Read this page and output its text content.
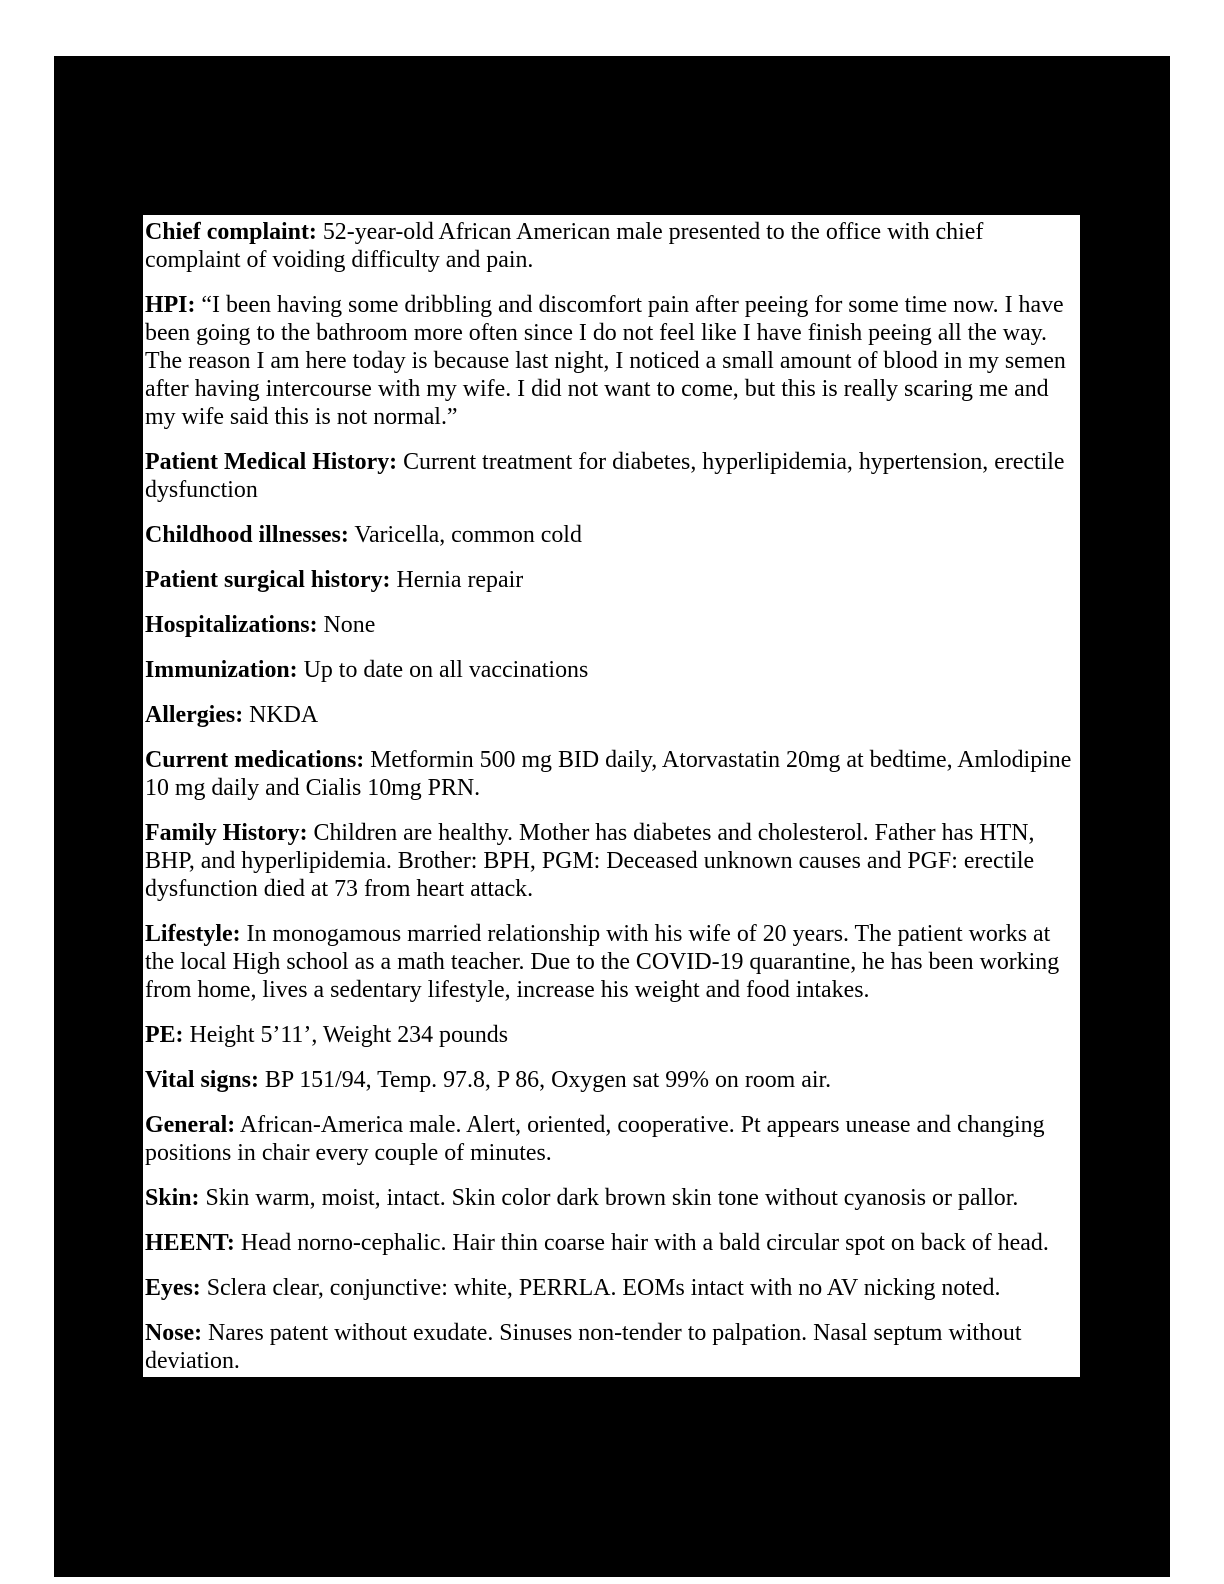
Chief complaint: 52-year-old African American male presented to the office with chief complaint of voiding difficulty and pain.

HPI: “I been having some dribbling and discomfort pain after peeing for some time now. I have been going to the bathroom more often since I do not feel like I have finish peeing all the way. The reason I am here today is because last night, I noticed a small amount of blood in my semen after having intercourse with my wife. I did not want to come, but this is really scaring me and my wife said this is not normal.”

Patient Medical History: Current treatment for diabetes, hyperlipidemia, hypertension, erectile dysfunction

Childhood illnesses: Varicella, common cold

Patient surgical history: Hernia repair

Hospitalizations: None

Immunization: Up to date on all vaccinations

Allergies: NKDA

Current medications: Metformin 500 mg BID daily, Atorvastatin 20mg at bedtime, Amlodipine 10 mg daily and Cialis 10mg PRN.

Family History: Children are healthy. Mother has diabetes and cholesterol. Father has HTN, BHP, and hyperlipidemia. Brother: BPH, PGM: Deceased unknown causes and PGF: erectile dysfunction died at 73 from heart attack.

Lifestyle: In monogamous married relationship with his wife of 20 years. The patient works at the local High school as a math teacher. Due to the COVID-19 quarantine, he has been working from home, lives a sedentary lifestyle, increase his weight and food intakes.

PE: Height 5’11’, Weight 234 pounds

Vital signs: BP 151/94, Temp. 97.8, P 86, Oxygen sat 99% on room air.

General: African-America male. Alert, oriented, cooperative. Pt appears unease and changing positions in chair every couple of minutes.

Skin: Skin warm, moist, intact. Skin color dark brown skin tone without cyanosis or pallor.

HEENT: Head norno-cephalic. Hair thin coarse hair with a bald circular spot on back of head.

Eyes: Sclera clear, conjunctive: white, PERRLA. EOMs intact with no AV nicking noted.

Nose: Nares patent without exudate. Sinuses non-tender to palpation. Nasal septum without deviation.
